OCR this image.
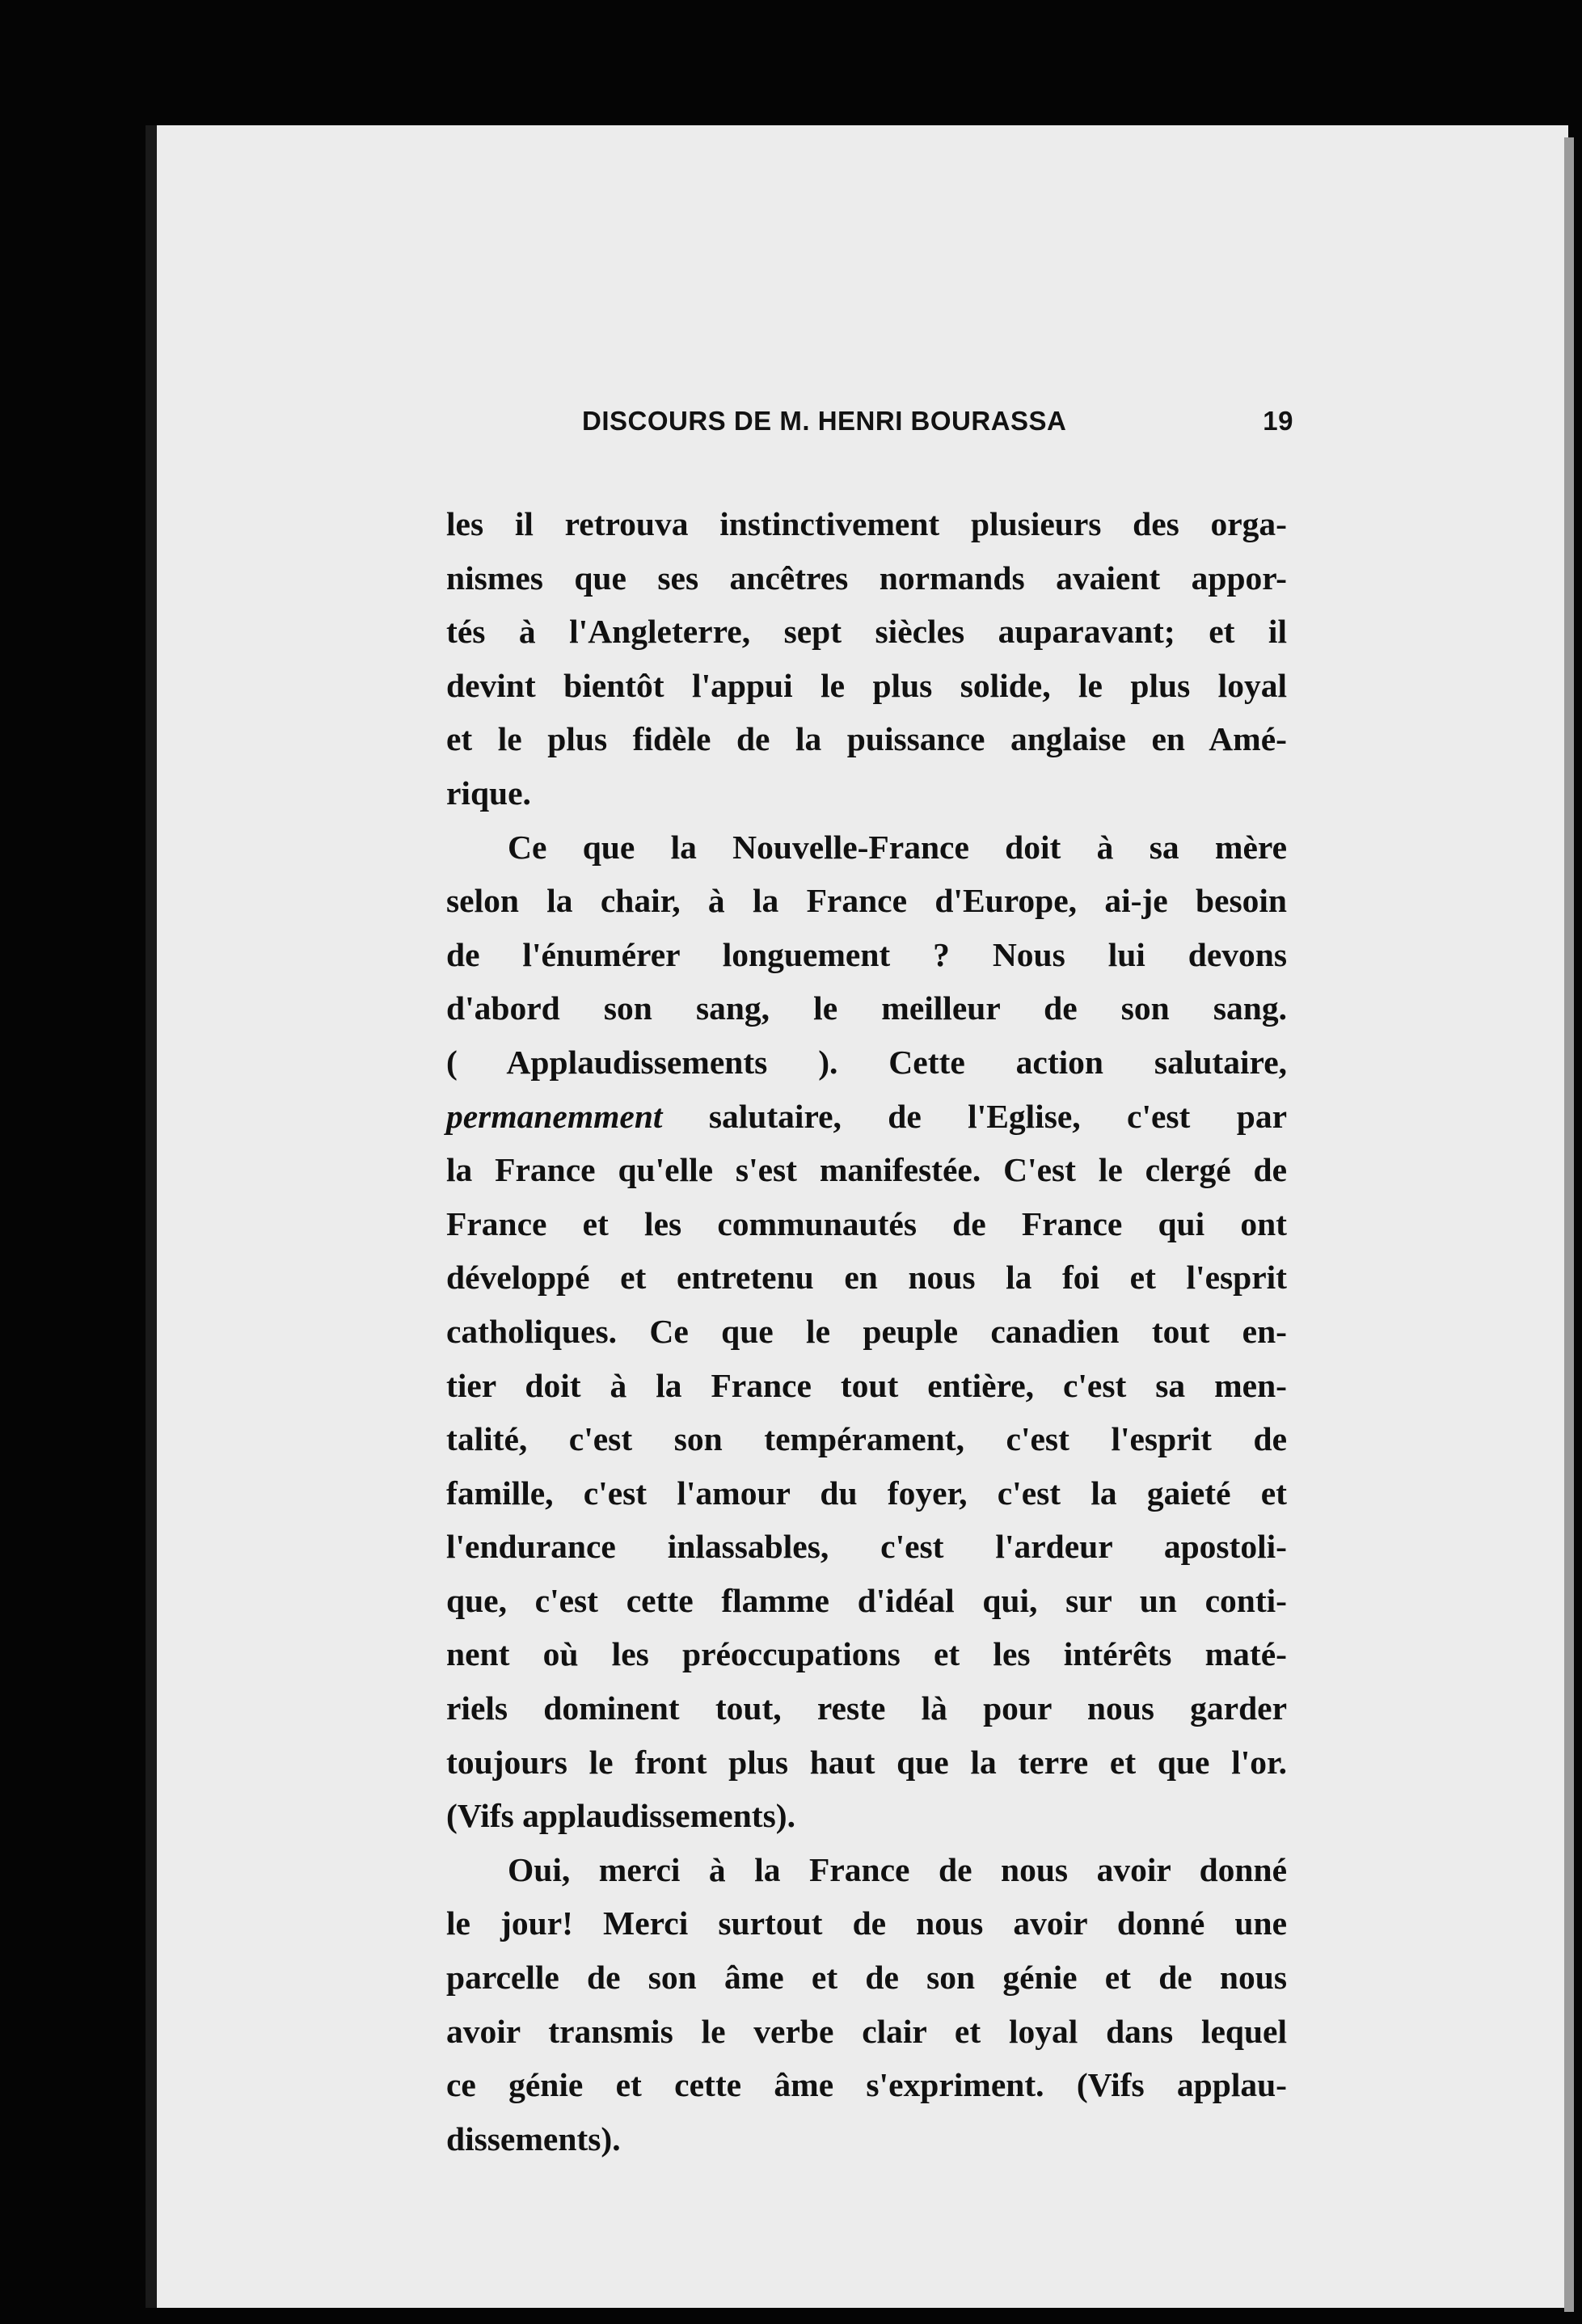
DISCOURS DE M. HENRI BOURASSA	19

les il retrouva instinctivement plusieurs des orga-
nismes que ses ancêtres normands avaient appor-
tés à l'Angleterre, sept siècles auparavant; et il
devint bientôt l'appui le plus solide, le plus loyal
et le plus fidèle de la puissance anglaise en Amé-
rique.

Ce que la Nouvelle-France doit à sa mère
selon la chair, à la France d'Europe, ai-je besoin
de l'énumérer longuement ? Nous lui devons
d'abord son sang, le meilleur de son sang.
( Applaudissements ). Cette action salutaire,
permanemment salutaire, de l'Eglise, c'est par
la France qu'elle s'est manifestée. C'est le clergé de
France et les communautés de France qui ont
développé et entretenu en nous la foi et l'esprit
catholiques. Ce que le peuple canadien tout en-
tier doit à la France tout entière, c'est sa men-
talité, c'est son tempérament, c'est l'esprit de
famille, c'est l'amour du foyer, c'est la gaieté et
l'endurance inlassables, c'est l'ardeur apostoli-
que, c'est cette flamme d'idéal qui, sur un conti-
nent où les préoccupations et les intérêts maté-
riels dominent tout, reste là pour nous garder
toujours le front plus haut que la terre et que l'or.
(Vifs applaudissements).

Oui, merci à la France de nous avoir donné
le jour! Merci surtout de nous avoir donné une
parcelle de son âme et de son génie et de nous
avoir transmis le verbe clair et loyal dans lequel
ce génie et cette âme s'expriment. (Vifs applau-
dissements).
